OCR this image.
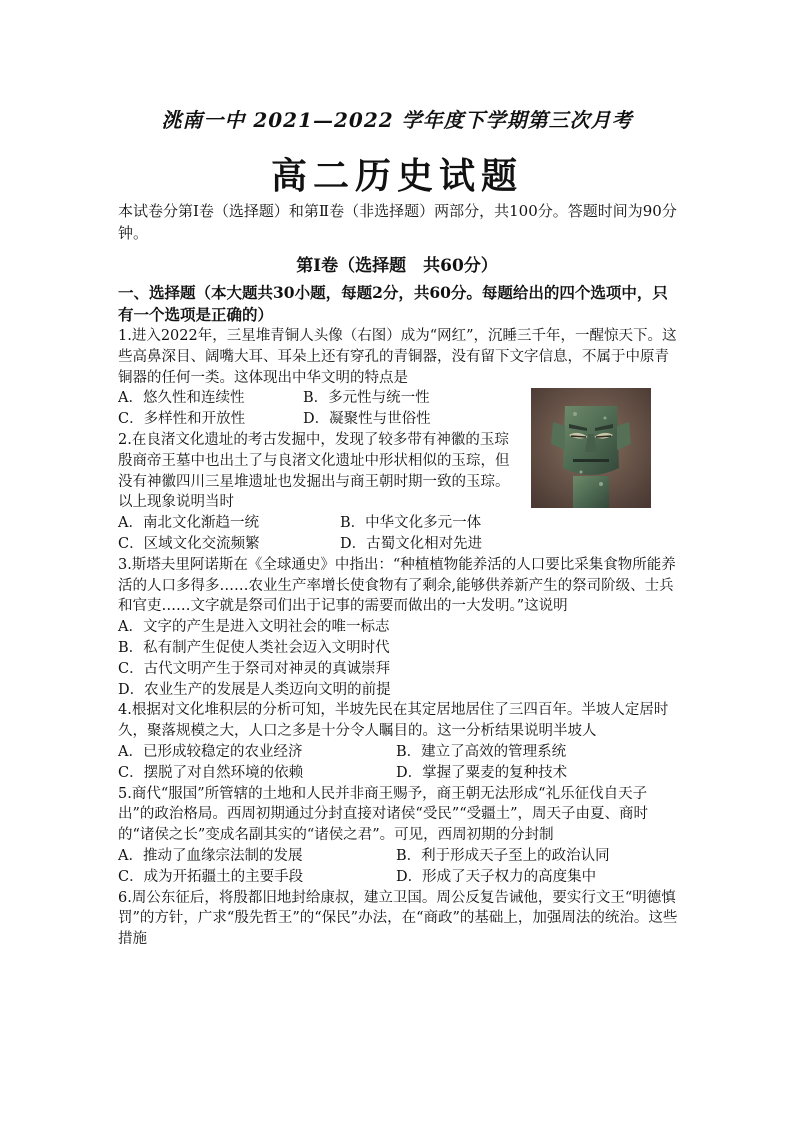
洮南一中 2021—2022 学年度下学期第三次月考
高二历史试题
本试卷分第Ⅰ卷（选择题）和第Ⅱ卷（非选择题）两部分，共100分。答题时间为90分钟。
第Ⅰ卷（选择题　共60分）
一、选择题（本大题共30小题，每题2分，共60分。每题给出的四个选项中，只有一个选项是正确的）

1.进入2022年，三星堆青铜人头像（右图）成为“网红”，沉睡三千年，一醒惊天下。这些高鼻深目、阔嘴大耳、耳朵上还有穿孔的青铜器，没有留下文字信息，不属于中原青铜器的任何一类。这体现出中华文明的特点是

A．悠久性和连续性	B．多元性与统一性
C．多样性和开放性	D．凝聚性与世俗性

2.在良渚文化遗址的考古发掘中，发现了较多带有神徽的玉琮殷商帝王墓中也出土了与良渚文化遗址中形状相似的玉琮，但没有神徽四川三星堆遗址也发掘出与商王朝时期一致的玉琮。以上现象说明当时

A．南北文化渐趋一统	B．中华文化多元一体
C．区域文化交流频繁	D．古蜀文化相对先进

3.斯塔夫里阿诺斯在《全球通史》中指出：“种植植物能养活的人口要比采集食物所能养活的人口多得多……农业生产率增长使食物有了剩余,能够供养新产生的祭司阶级、士兵和官吏……文字就是祭司们出于记事的需要而做出的一大发明。”这说明

A．文字的产生是进入文明社会的唯一标志

B．私有制产生促使人类社会迈入文明时代

C．古代文明产生于祭司对神灵的真诚崇拜

D．农业生产的发展是人类迈向文明的前提

4.根据对文化堆积层的分析可知，半坡先民在其定居地居住了三四百年。半坡人定居时久，聚落规模之大，人口之多是十分令人瞩目的。这一分析结果说明半坡人

A．已形成较稳定的农业经济	B．建立了高效的管理系统
C．摆脱了对自然环境的依赖	D．掌握了粟麦的复种技术

5.商代“服国”所管辖的土地和人民并非商王赐予，商王朝无法形成“礼乐征伐自天子出”的政治格局。西周初期通过分封直接对诸侯“受民”“受疆土”，周天子由夏、商时的“诸侯之长”变成名副其实的“诸侯之君”。可见，西周初期的分封制

A．推动了血缘宗法制的发展	B．利于形成天子至上的政治认同
C．成为开拓疆土的主要手段	D．形成了天子权力的高度集中

6.周公东征后，将殷都旧地封给康叔，建立卫国。周公反复告诫他，要实行文王“明德慎罚”的方针，广求“殷先哲王”的“保民”办法，在“商政”的基础上，加强周法的统治。这些措施
